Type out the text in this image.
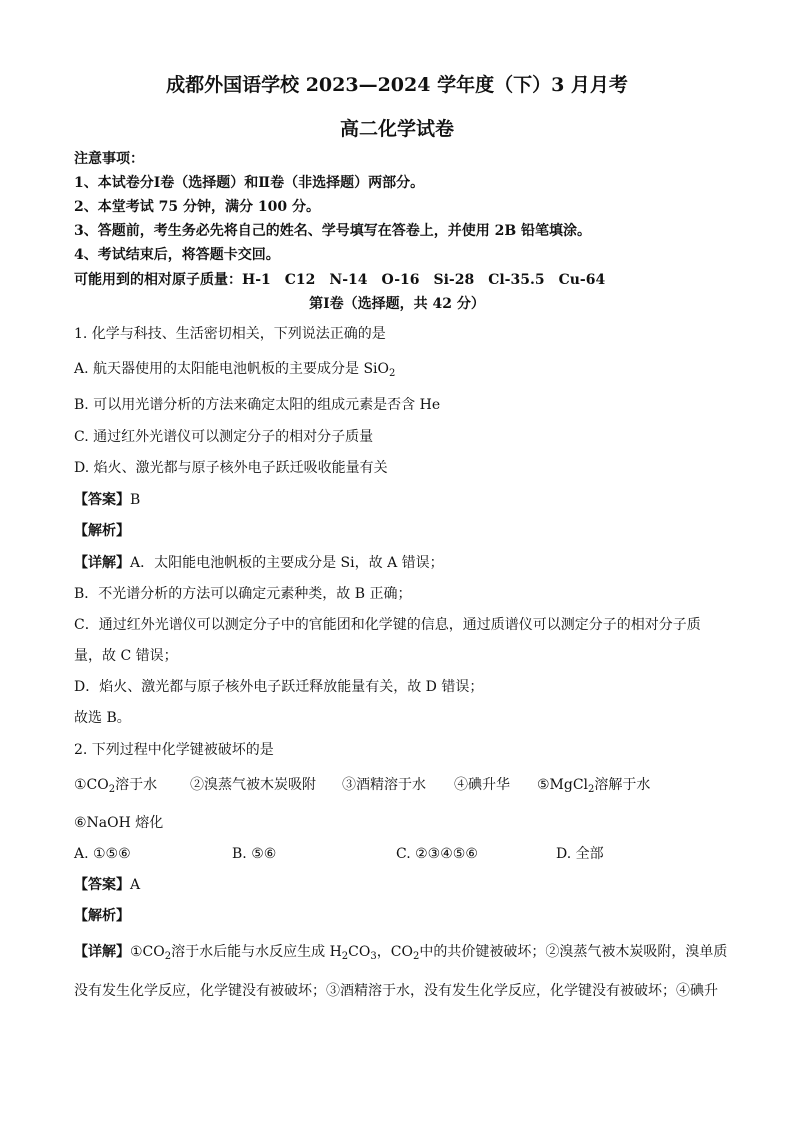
成都外国语学校 2023—2024 学年度（下）3 月月考
高二化学试卷
注意事项：
1、本试卷分Ⅰ卷（选择题）和Ⅱ卷（非选择题）两部分。
2、本堂考试 75 分钟，满分 100 分。
3、答题前，考生务必先将自己的姓名、学号填写在答卷上，并使用 2B 铅笔填涂。
4、考试结束后，将答题卡交回。
可能用到的相对原子质量：H-1　C12　N-14　O-16　Si-28　Cl-35.5　Cu-64
第Ⅰ卷（选择题，共 42 分）
1. 化学与科技、生活密切相关，下列说法正确的是
A. 航天器使用的太阳能电池帆板的主要成分是 SiO$_2$
B. 可以用光谱分析的方法来确定太阳的组成元素是否含 He
C. 通过红外光谱仪可以测定分子的相对分子质量
D. 焰火、激光都与原子核外电子跃迁吸收能量有关
【答案】B
【解析】
【详解】A．太阳能电池帆板的主要成分是 Si，故 A 错误；
B．不光谱分析的方法可以确定元素种类，故 B 正确；
C．通过红外光谱仪可以测定分子中的官能团和化学键的信息，通过质谱仪可以测定分子的相对分子质
量，故 C 错误；
D．焰火、激光都与原子核外电子跃迁释放能量有关，故 D 错误；
故选 B。
2. 下列过程中化学键被破坏的是
$①CO_2$溶于水 ②溴蒸气被木炭吸附 ③酒精溶于水 ④碘升华 ⑤MgCl$_2$溶解于水
⑥NaOH 熔化
A. ①⑤⑥	B. ⑤⑥	C. ②③④⑤⑥	D. 全部
【答案】A
【解析】
【详解】$①CO_2$溶于水后能与水反应生成 $H_2CO_3$，$CO_2$中的共价键被破坏；②溴蒸气被木炭吸附，溴单质
没有发生化学反应，化学键没有被破坏；③酒精溶于水，没有发生化学反应，化学键没有被破坏；④碘升
